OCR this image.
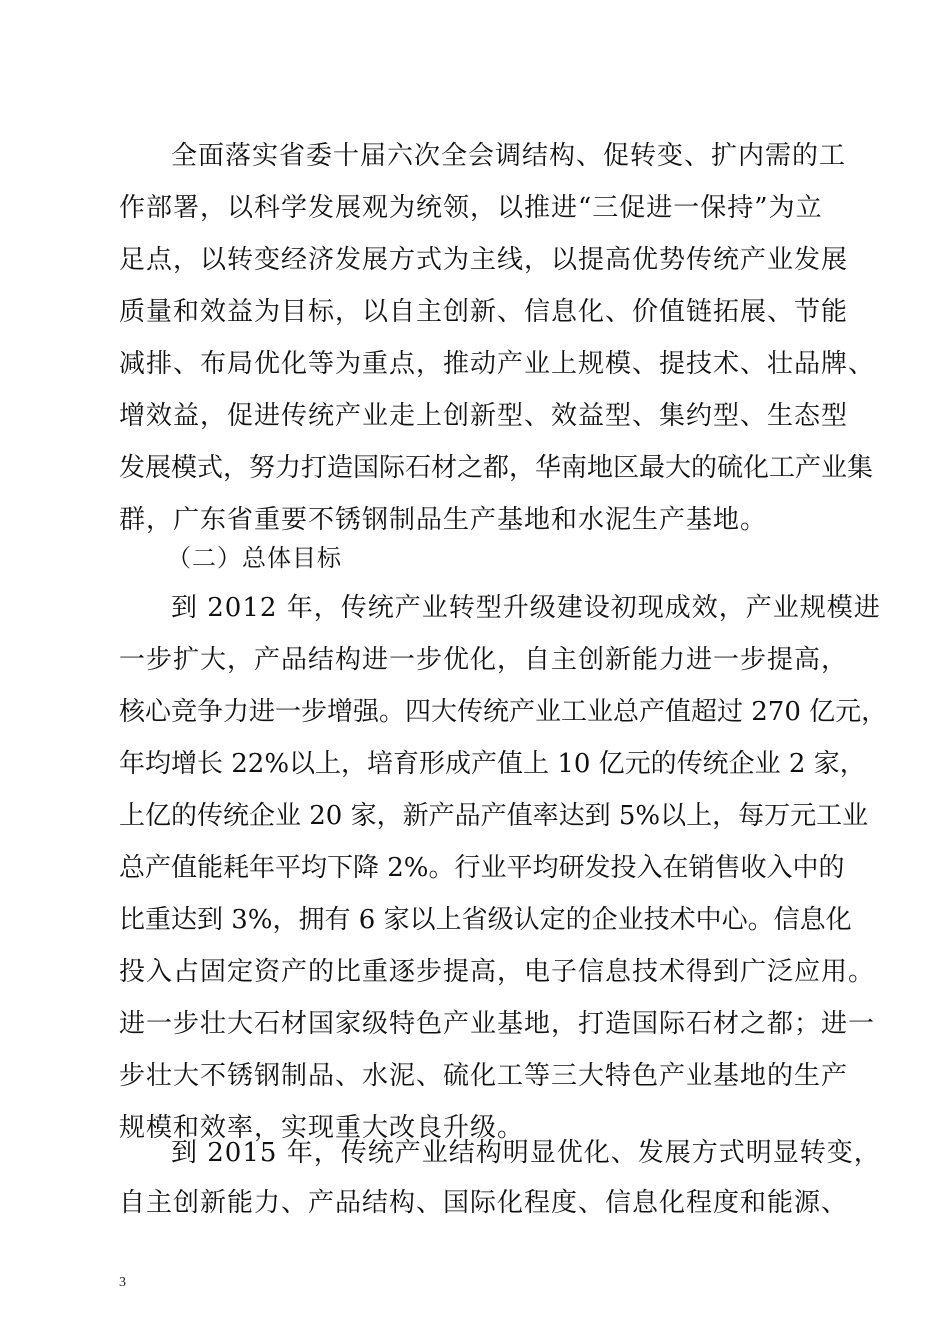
全面落实省委十届六次全会调结构、促转变、扩内需的工
作部署，以科学发展观为统领，以推进“三促进一保持”为立
足点，以转变经济发展方式为主线，以提高优势传统产业发展
质量和效益为目标，以自主创新、信息化、价值链拓展、节能
减排、布局优化等为重点，推动产业上规模、提技术、壮品牌、
增效益，促进传统产业走上创新型、效益型、集约型、生态型
发展模式，努力打造国际石材之都，华南地区最大的硫化工产业集
群，广东省重要不锈钢制品生产基地和水泥生产基地。
（二）总体目标
到 2012 年，传统产业转型升级建设初现成效，产业规模进
一步扩大，产品结构进一步优化，自主创新能力进一步提高，
核心竞争力进一步增强。四大传统产业工业总产值超过 270 亿元，
年均增长 22%以上，培育形成产值上 10 亿元的传统企业 2 家，
上亿的传统企业 20 家，新产品产值率达到 5%以上，每万元工业
总产值能耗年平均下降 2%。行业平均研发投入在销售收入中的
比重达到 3%，拥有 6 家以上省级认定的企业技术中心。信息化
投入占固定资产的比重逐步提高，电子信息技术得到广泛应用。
进一步壮大石材国家级特色产业基地，打造国际石材之都；进一
步壮大不锈钢制品、水泥、硫化工等三大特色产业基地的生产
规模和效率，实现重大改良升级。
到 2015 年，传统产业结构明显优化、发展方式明显转变，
自主创新能力、产品结构、国际化程度、信息化程度和能源、
3
